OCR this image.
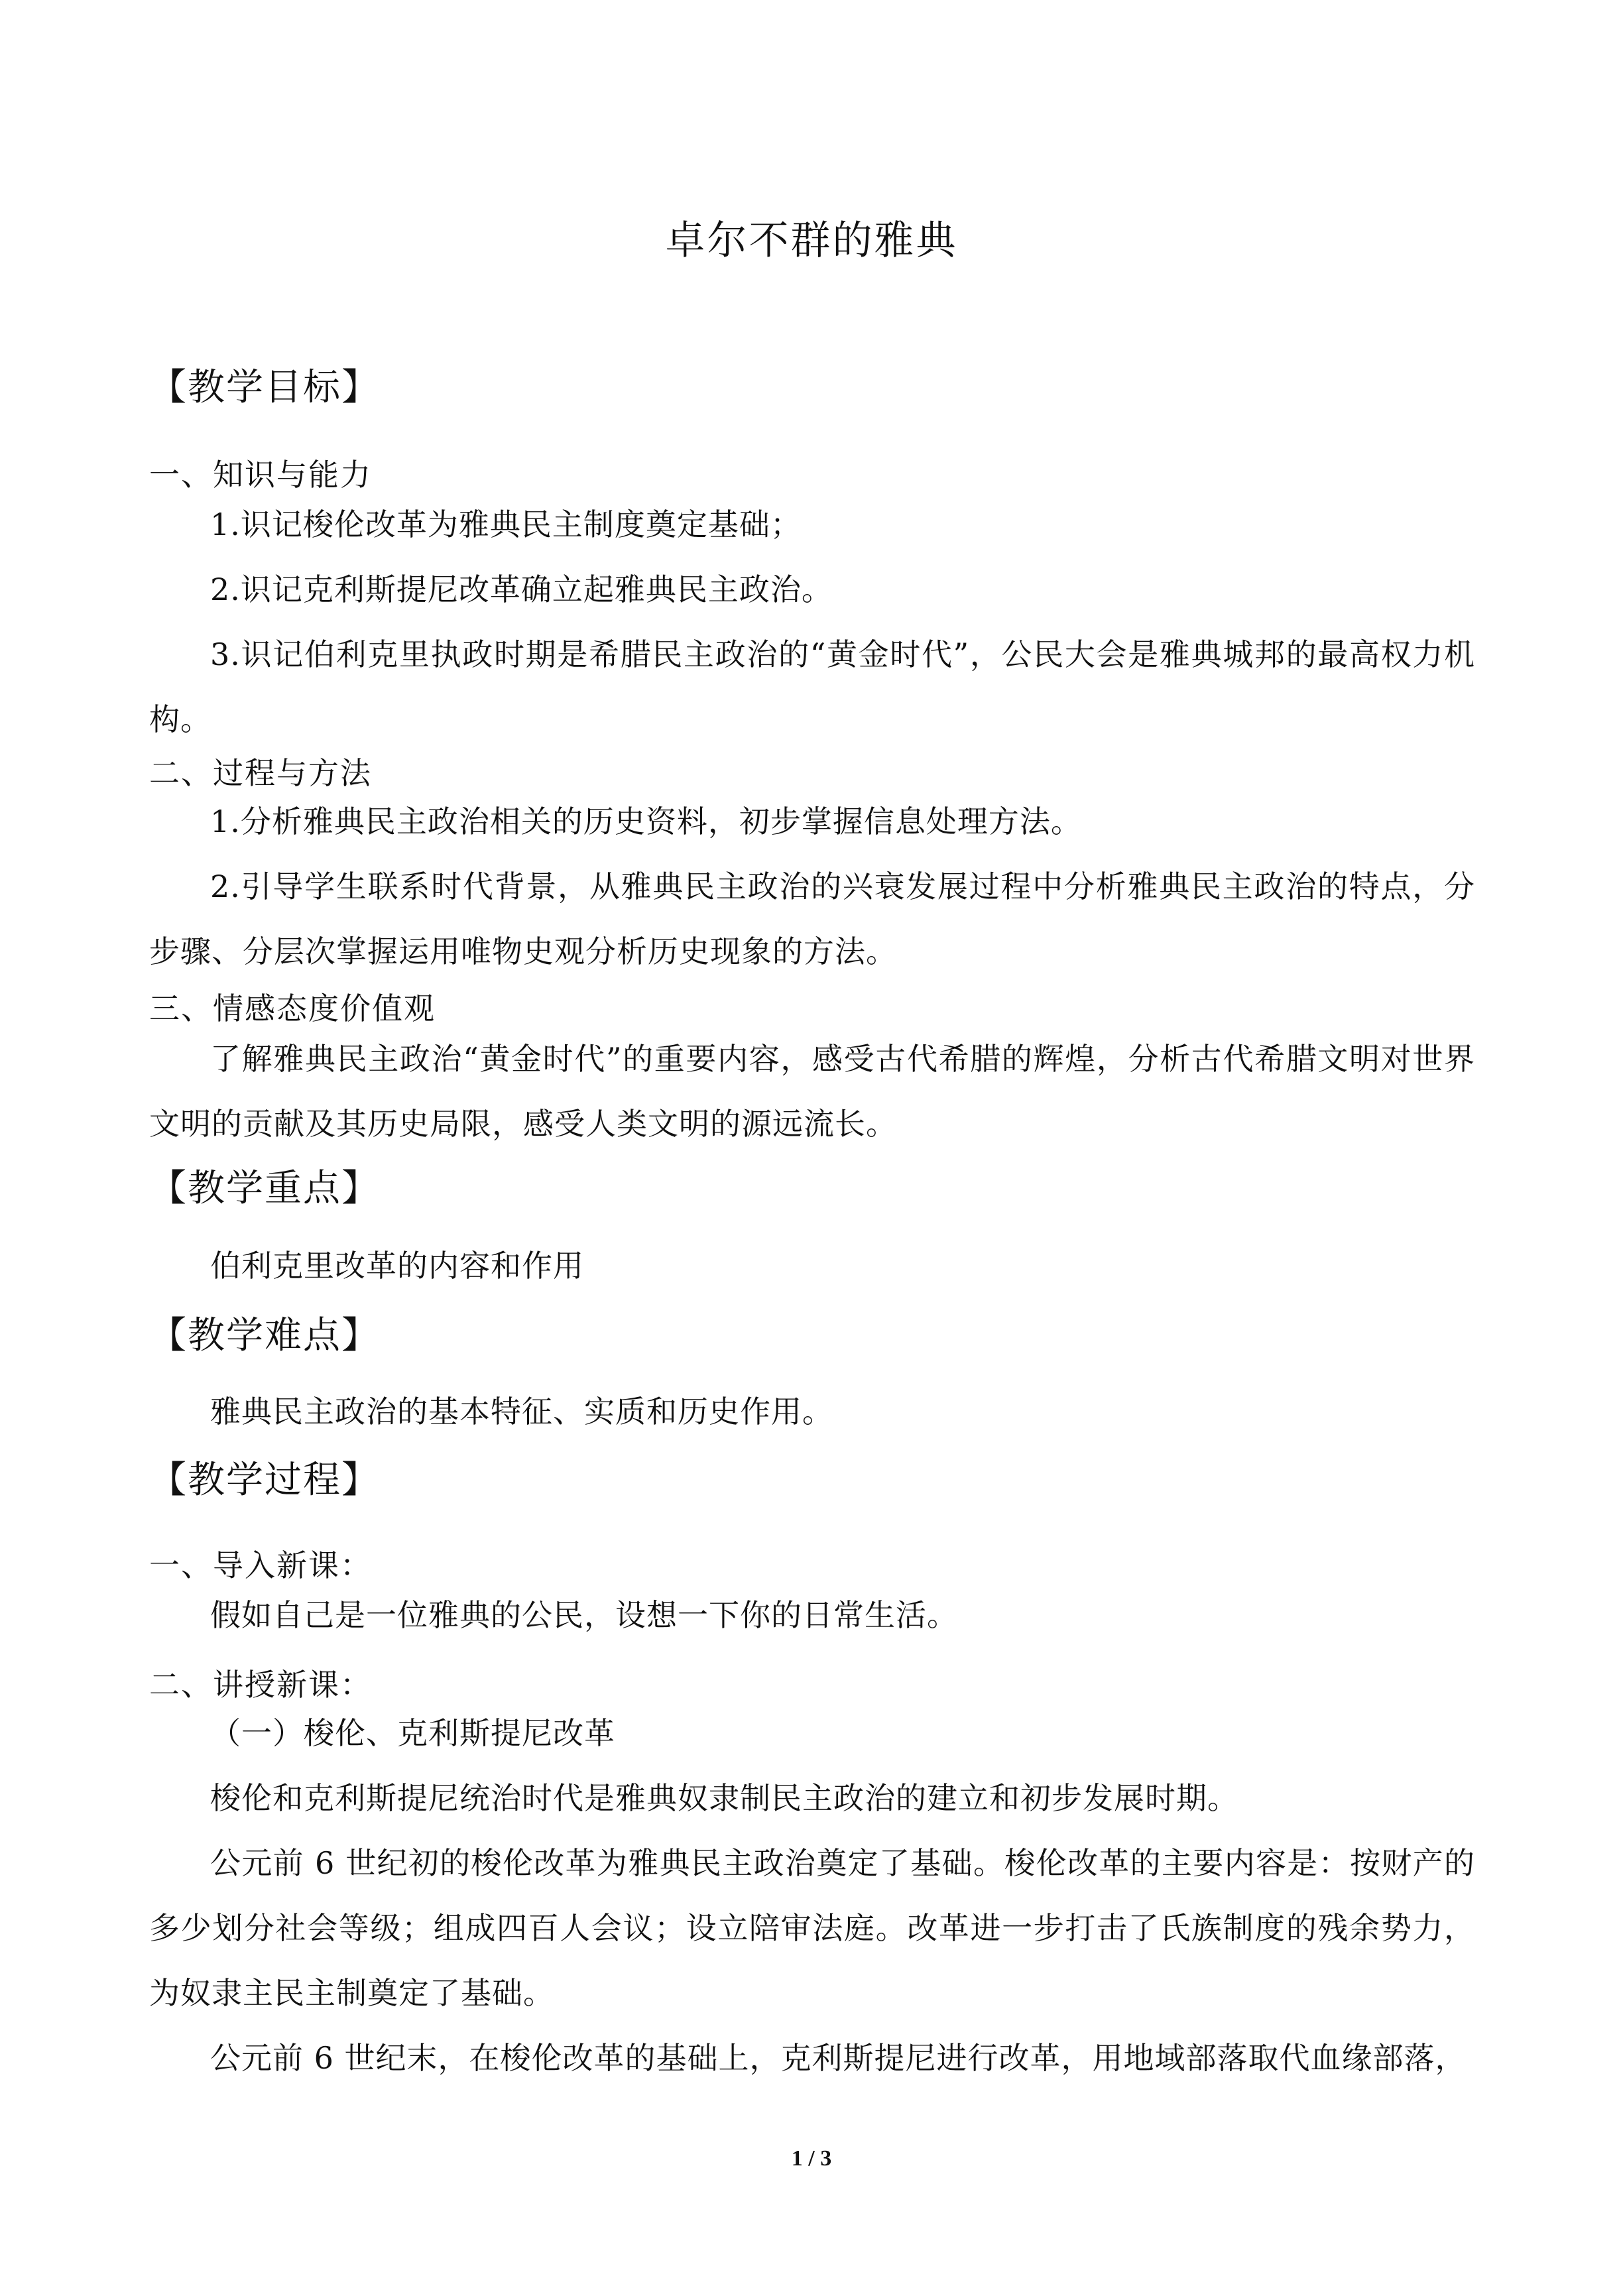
卓尔不群的雅典
【教学目标】
一、知识与能力
1.识记梭伦改革为雅典民主制度奠定基础；
2.识记克利斯提尼改革确立起雅典民主政治。
3.识记伯利克里执政时期是希腊民主政治的“黄金时代”，公民大会是雅典城邦的最高权力机构。
二、过程与方法
1.分析雅典民主政治相关的历史资料，初步掌握信息处理方法。
2.引导学生联系时代背景，从雅典民主政治的兴衰发展过程中分析雅典民主政治的特点，分步骤、分层次掌握运用唯物史观分析历史现象的方法。
三、情感态度价值观
了解雅典民主政治“黄金时代”的重要内容，感受古代希腊的辉煌，分析古代希腊文明对世界文明的贡献及其历史局限，感受人类文明的源远流长。
【教学重点】
伯利克里改革的内容和作用
【教学难点】
雅典民主政治的基本特征、实质和历史作用。
【教学过程】
一、导入新课：
假如自己是一位雅典的公民，设想一下你的日常生活。
二、讲授新课：
（一）梭伦、克利斯提尼改革
梭伦和克利斯提尼统治时代是雅典奴隶制民主政治的建立和初步发展时期。
公元前 6 世纪初的梭伦改革为雅典民主政治奠定了基础。梭伦改革的主要内容是：按财产的多少划分社会等级；组成四百人会议；设立陪审法庭。改革进一步打击了氏族制度的残余势力，为奴隶主民主制奠定了基础。
公元前 6 世纪末，在梭伦改革的基础上，克利斯提尼进行改革，用地域部落取代血缘部落，
1 / 3
